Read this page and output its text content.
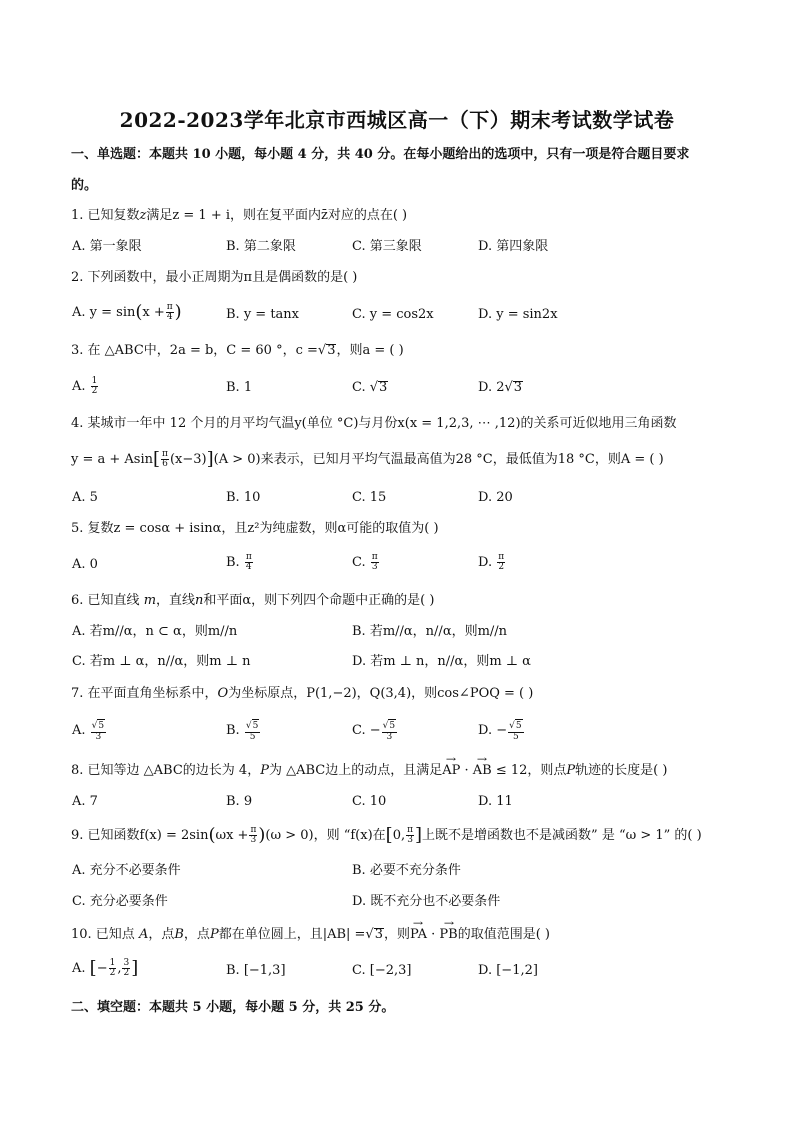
2022-2023学年北京市西城区高一（下）期末考试数学试卷
一、单选题：本题共 10 小题，每小题 4 分，共 40 分。在每小题给出的选项中，只有一项是符合题目要求
的。
1. 已知复数z满足z = 1 + i，则在复平面内z̄对应的点在( )
A. 第一象限	B. 第二象限	C. 第三象限	D. 第四象限
2. 下列函数中，最小正周期为π且是偶函数的是( )
A. $y = \sin(x + \frac{\pi}{4}$ )	B. y = tanx	C. y = cos2x	D. y = sin2x
3. 在 △ABC中，2a = b，C = 60 °，c =√3，则a = ( )
A. $\frac{1}{2}$	B. 1	C. √3	D. 2√3
4. 某城市一年中 12 个月的月平均气温y(单位 °C)与月份x(x = 1,2,3, ⋯ ,12)的关系可近似地用三角函数
$y = a + Asin[ \frac{\pi}{6} (x-3)](A > 0)$来表示，已知月平均气温最高值为28 °C，最低值为18 °C，则A = ( )
A. 5	B. 10	C. 15	D. 20
5. 复数z = cosα + isinα，且z²为纯虚数，则α可能的取值为( )
A. 0	B. $\frac{\pi}{4}$	C. $\frac{\pi}{3}$	D. $\frac{\pi}{2}$
6. 已知直线 m，直线n和平面α，则下列四个命题中正确的是( )
A. 若m//α，n ⊂ α，则m//n	B. 若m//α，n//α，则m//n
C. 若m ⊥ α，n//α，则m ⊥ n	D. 若m ⊥ n，n//α，则m ⊥ α
7. 在平面直角坐标系中，O为坐标原点，P(1,−2)，Q(3,4)，则cos∠POQ = ( )
A. $\frac{√5}{3}$	B. $\frac{√5}{5}$	C. − $\frac{√5}{3}$	D. − $\frac{√5}{5}$
8. 已知等边 △ABC的边长为 4，P为 △ABC边上的动点，且满足→ AP · → AB ≤ 12，则点P轨迹的长度是( )
A. 7	B. 9	C. 10	D. 11
9. 已知函数$f(x) = 2\sin(\omega x + \frac{\pi}{3} )(\omega > 0)$，则 “f(x)在[0, $\frac{\pi}{3}$ ]上既不是增函数也不是减函数” 是 “ω > 1” 的( )
A. 充分不必要条件	B. 必要不充分条件
C. 充分必要条件	D. 既不充分也不必要条件
10. 已知点 A，点B，点P都在单位圆上，且|AB| =√3，则→ PA · → PB的取值范围是( )
A. [− $\frac{1}{2}$ , $\frac{3}{2}$ ]	B. [−1,3]	C. [−2,3]	D. [−1,2]
二、填空题：本题共 5 小题，每小题 5 分，共 25 分。
